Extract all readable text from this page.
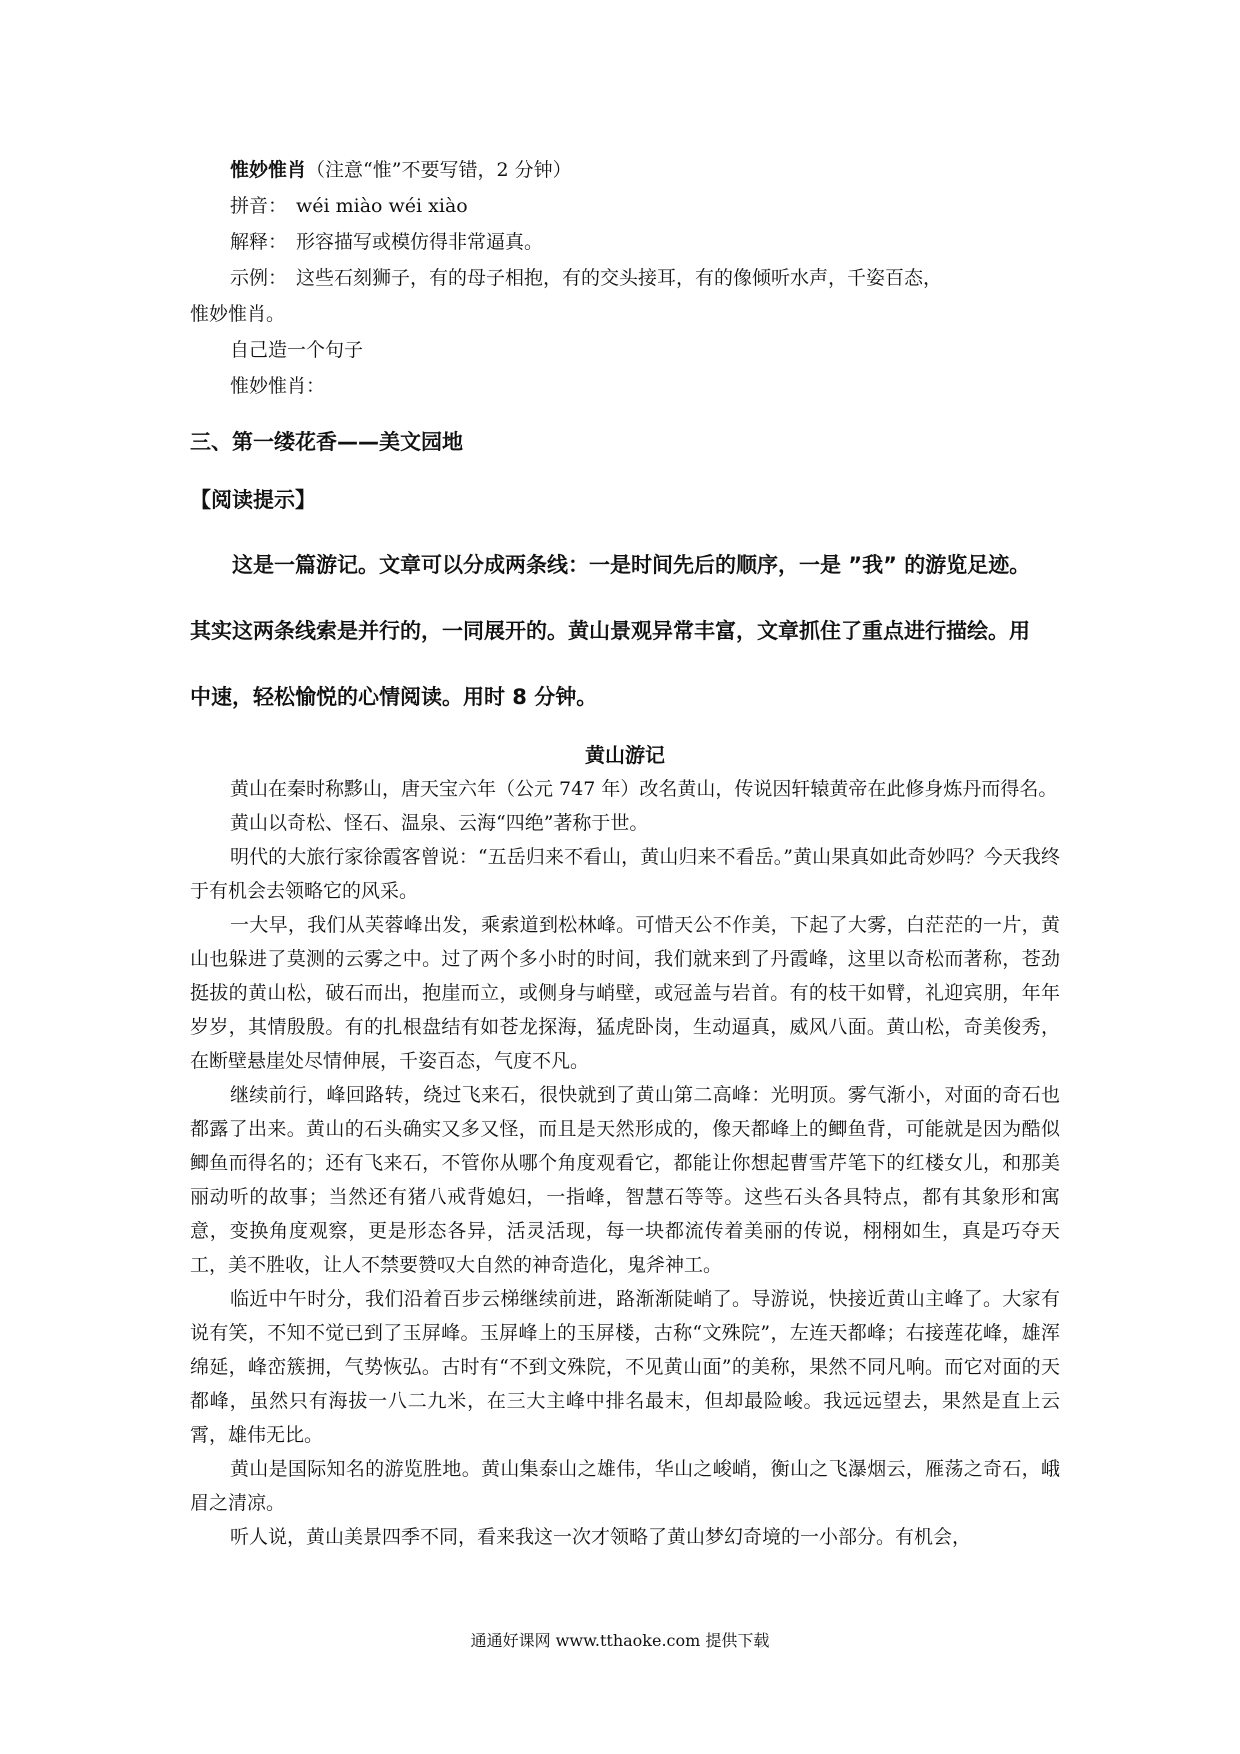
惟妙惟肖（注意“惟”不要写错，2 分钟）
拼音： wéi miào wéi xiào
解释： 形容描写或模仿得非常逼真。
示例： 这些石刻狮子，有的母子相抱，有的交头接耳，有的像倾听水声，千姿百态，
惟妙惟肖。
自己造一个句子
惟妙惟肖：
三、第一缕花香——美文园地
【阅读提示】
这是一篇游记。文章可以分成两条线：一是时间先后的顺序，一是 ”我” 的游览足迹。
其实这两条线索是并行的，一同展开的。黄山景观异常丰富，文章抓住了重点进行描绘。用
中速，轻松愉悦的心情阅读。用时 8 分钟。
黄山游记

黄山在秦时称黟山，唐天宝六年（公元 747 年）改名黄山，传说因轩辕黄帝在此修身炼丹而得名。

黄山以奇松、怪石、温泉、云海“四绝”著称于世。

明代的大旅行家徐霞客曾说：“五岳归来不看山，黄山归来不看岳。”黄山果真如此奇妙吗？今天我终于有机会去领略它的风采。

一大早，我们从芙蓉峰出发，乘索道到松林峰。可惜天公不作美，下起了大雾，白茫茫的一片，黄山也躲进了莫测的云雾之中。过了两个多小时的时间，我们就来到了丹霞峰，这里以奇松而著称，苍劲挺拔的黄山松，破石而出，抱崖而立，或侧身与峭壁，或冠盖与岩首。有的枝干如臂，礼迎宾朋，年年岁岁，其情殷殷。有的扎根盘结有如苍龙探海，猛虎卧岗，生动逼真，威风八面。黄山松，奇美俊秀，在断壁悬崖处尽情伸展，千姿百态，气度不凡。

继续前行，峰回路转，绕过飞来石，很快就到了黄山第二高峰：光明顶。雾气渐小，对面的奇石也都露了出来。黄山的石头确实又多又怪，而且是天然形成的，像天都峰上的鲫鱼背，可能就是因为酷似鲫鱼而得名的；还有飞来石，不管你从哪个角度观看它，都能让你想起曹雪芹笔下的红楼女儿，和那美丽动听的故事；当然还有猪八戒背媳妇，一指峰，智慧石等等。这些石头各具特点，都有其象形和寓意，变换角度观察，更是形态各异，活灵活现，每一块都流传着美丽的传说，栩栩如生，真是巧夺天工，美不胜收，让人不禁要赞叹大自然的神奇造化，鬼斧神工。

临近中午时分，我们沿着百步云梯继续前进，路渐渐陡峭了。导游说，快接近黄山主峰了。大家有说有笑，不知不觉已到了玉屏峰。玉屏峰上的玉屏楼，古称“文殊院”，左连天都峰；右接莲花峰，雄浑绵延，峰峦簇拥，气势恢弘。古时有“不到文殊院，不见黄山面”的美称，果然不同凡响。而它对面的天都峰，虽然只有海拔一八二九米，在三大主峰中排名最末，但却最险峻。我远远望去，果然是直上云霄，雄伟无比。

黄山是国际知名的游览胜地。黄山集泰山之雄伟，华山之峻峭，衡山之飞瀑烟云，雁荡之奇石，峨眉之清凉。

听人说，黄山美景四季不同，看来我这一次才领略了黄山梦幻奇境的一小部分。有机会，

通通好课网 www.tthaoke.com 提供下载
